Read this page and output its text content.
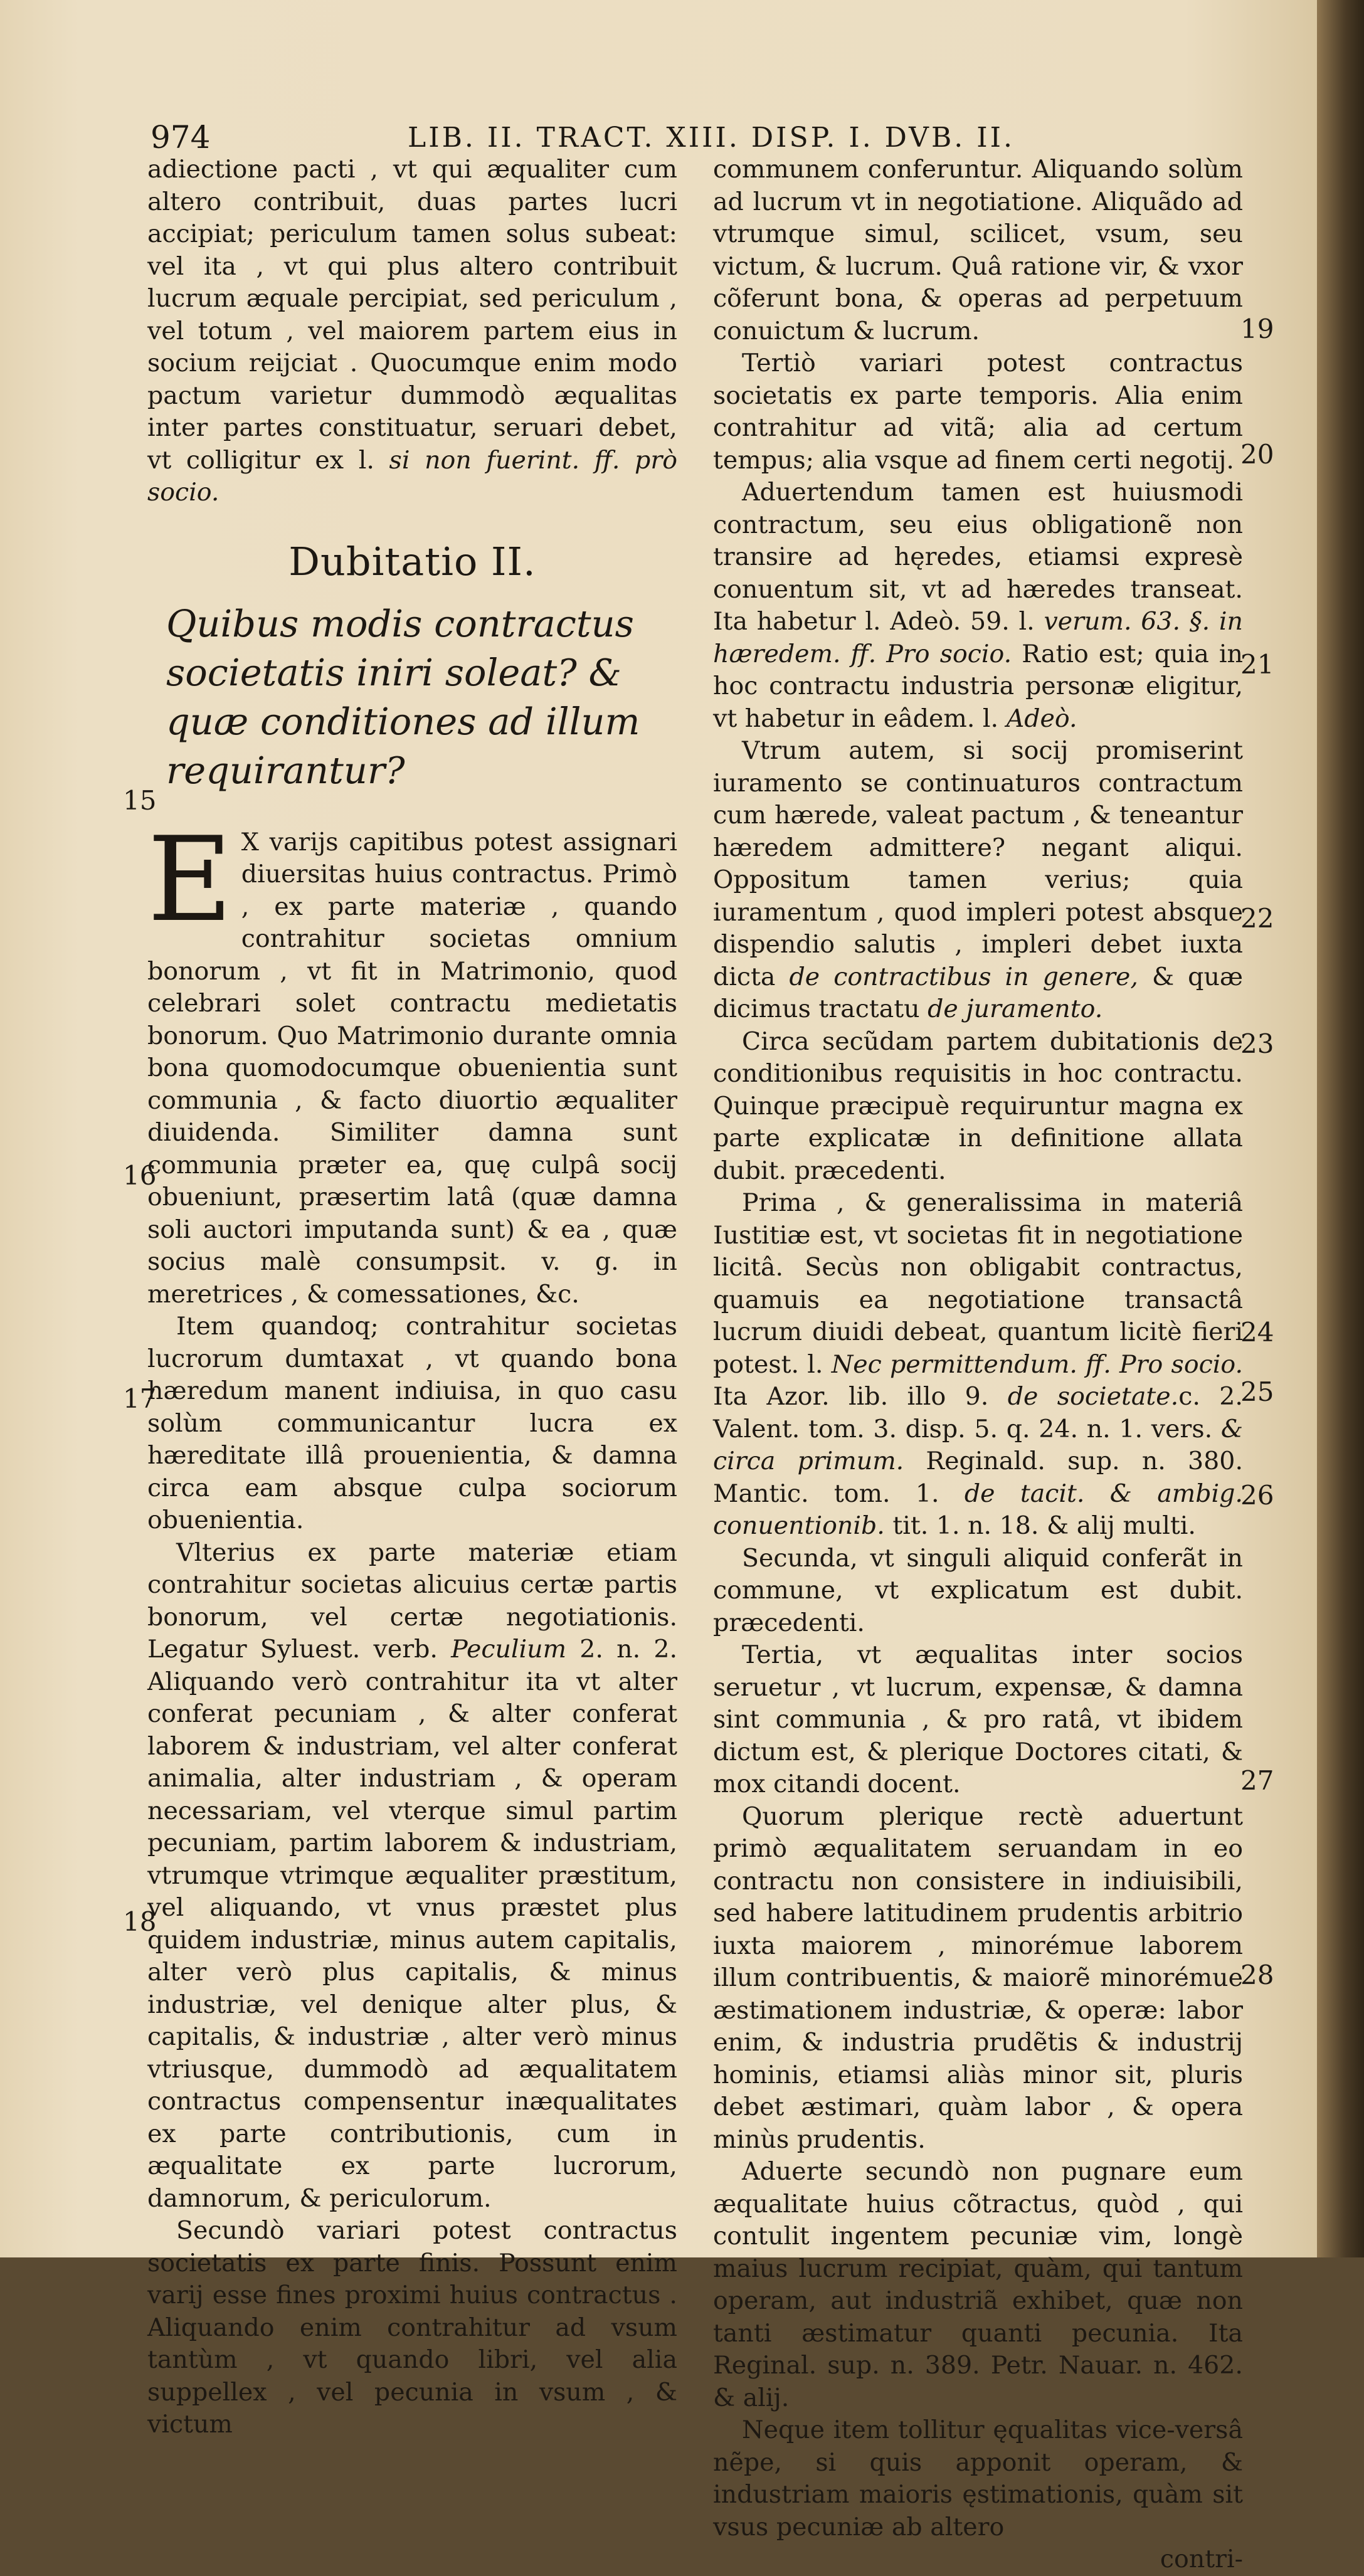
974	LIB. II. TRACT. XIII. DISP. I. DVB. II.
15
16
17
18
19
20
21
22
23
24
25
26
27
28

adiectione pacti , vt qui æqualiter cum altero contribuit, duas partes lucri accipiat; periculum tamen solus subeat: vel ita , vt qui plus altero contribuit lucrum æquale percipiat, sed periculum , vel totum , vel maiorem partem eius in socium reijciat . Quocumque enim modo pactum varietur dummodò æqualitas inter partes constituatur, seruari debet, vt colligitur ex l. si non fuerint. ff. prò socio.

Dubitatio II.
Quibus modis contractus societatis iniri soleat? & quæ conditiones ad illum requirantur?

E X varijs capitibus potest assignari diuersitas huius contractus. Primò , ex parte materiæ , quando contrahitur societas omnium bonorum , vt fit in Matrimonio, quod celebrari solet contractu medietatis bonorum. Quo Matrimonio durante omnia bona quomodocumque obuenientia sunt communia , & facto diuortio æqualiter diuidenda. Similiter damna sunt communia præter ea, quę culpâ socij obueniunt, præsertim latâ (quæ damna soli auctori imputanda sunt) & ea , quæ socius malè consumpsit. v. g. in meretrices , & comessationes, &c.

Item quandoq; contrahitur societas lucrorum dumtaxat , vt quando bona hæredum manent indiuisa, in quo casu solùm communicantur lucra ex hæreditate illâ prouenientia, & damna circa eam absque culpa sociorum obuenientia.

Vlterius ex parte materiæ etiam contrahitur societas alicuius certæ partis bonorum, vel certæ negotiationis. Legatur Syluest. verb. Peculium 2. n. 2. Aliquando verò contrahitur ita vt alter conferat pecuniam , & alter conferat laborem & industriam, vel alter conferat animalia, alter industriam , & operam necessariam, vel vterque simul partim pecuniam, partim laborem & industriam, vtrumque vtrimque æqualiter præstitum, vel aliquando, vt vnus præstet plus quidem industriæ, minus autem capitalis, alter verò plus capitalis, & minus industriæ, vel denique alter plus, & capitalis, & industriæ , alter verò minus vtriusque, dummodò ad æqualitatem contractus compensentur inæqualitates ex parte contributionis, cum in æqualitate ex parte lucrorum, damnorum, & periculorum.

Secundò variari potest contractus societatis ex parte finis. Possunt enim varij esse fines proximi huius contractus . Aliquando enim contrahitur ad vsum tantùm , vt quando libri, vel alia suppellex , vel pecunia in vsum , & victum

communem conferuntur. Aliquando solùm ad lucrum vt in negotiatione. Aliquãdo ad vtrumque simul, scilicet, vsum, seu victum, & lucrum. Quâ ratione vir, & vxor cõferunt bona, & operas ad perpetuum conuictum & lucrum.

Tertiò variari potest contractus societatis ex parte temporis. Alia enim contrahitur ad vitã; alia ad certum tempus; alia vsque ad finem certi negotij.

Aduertendum tamen est huiusmodi contractum, seu eius obligationẽ non transire ad hęredes, etiamsi expresè conuentum sit, vt ad hæredes transeat. Ita habetur l. Adeò. 59. l. verum. 63. §. in hæredem. ff. Pro socio. Ratio est; quia in hoc contractu industria personæ eligitur, vt habetur in eâdem. l. Adeò.

Vtrum autem, si socij promiserint iuramento se continuaturos contractum cum hærede, valeat pactum , & teneantur hæredem admittere? negant aliqui. Oppositum tamen verius; quia iuramentum , quod impleri potest absque dispendio salutis , impleri debet iuxta dicta de contractibus in genere, & quæ dicimus tractatu de juramento.

Circa secũdam partem dubitationis de conditionibus requisitis in hoc contractu. Quinque præcipuè requiruntur magna ex parte explicatæ in definitione allata dubit. præcedenti.

Prima , & generalissima in materiâ Iustitiæ est, vt societas fit in negotiatione licitâ. Secùs non obligabit contractus, quamuis ea negotiatione transactâ lucrum diuidi debeat, quantum licitè fieri potest. l. Nec permittendum. ff. Pro socio. Ita Azor. lib. illo 9. de societate.c. 2. Valent. tom. 3. disp. 5. q. 24. n. 1. vers. & circa primum. Reginald. sup. n. 380. Mantic. tom. 1. de tacit. & ambig. conuentionib. tit. 1. n. 18. & alij multi.

Secunda, vt singuli aliquid conferãt in commune, vt explicatum est dubit. præcedenti.

Tertia, vt æqualitas inter socios seruetur , vt lucrum, expensæ, & damna sint communia , & pro ratâ, vt ibidem dictum est, & plerique Doctores citati, & mox citandi docent.

Quorum plerique rectè aduertunt primò æqualitatem seruandam in eo contractu non consistere in indiuisibili, sed habere latitudinem prudentis arbitrio iuxta maiorem , minorémue laborem illum contribuentis, & maiorẽ minorémue æstimationem industriæ, & operæ: labor enim, & industria prudẽtis & industrij hominis, etiamsi aliàs minor sit, pluris debet æstimari, quàm labor , & opera minùs prudentis.

Aduerte secundò non pugnare eum æqualitate huius cõtractus, quòd , qui contulit ingentem pecuniæ vim, longè maius lucrum recipiat, quàm, qui tantum operam, aut industriã exhibet, quæ non tanti æstimatur quanti pecunia. Ita Reginal. sup. n. 389. Petr. Nauar. n. 462. & alij.

Neque item tollitur ęqualitas vice-versâ nẽpe, si quis apponit operam, & industriam maioris ęstimationis, quàm sit vsus pecuniæ ab altero

contri-
